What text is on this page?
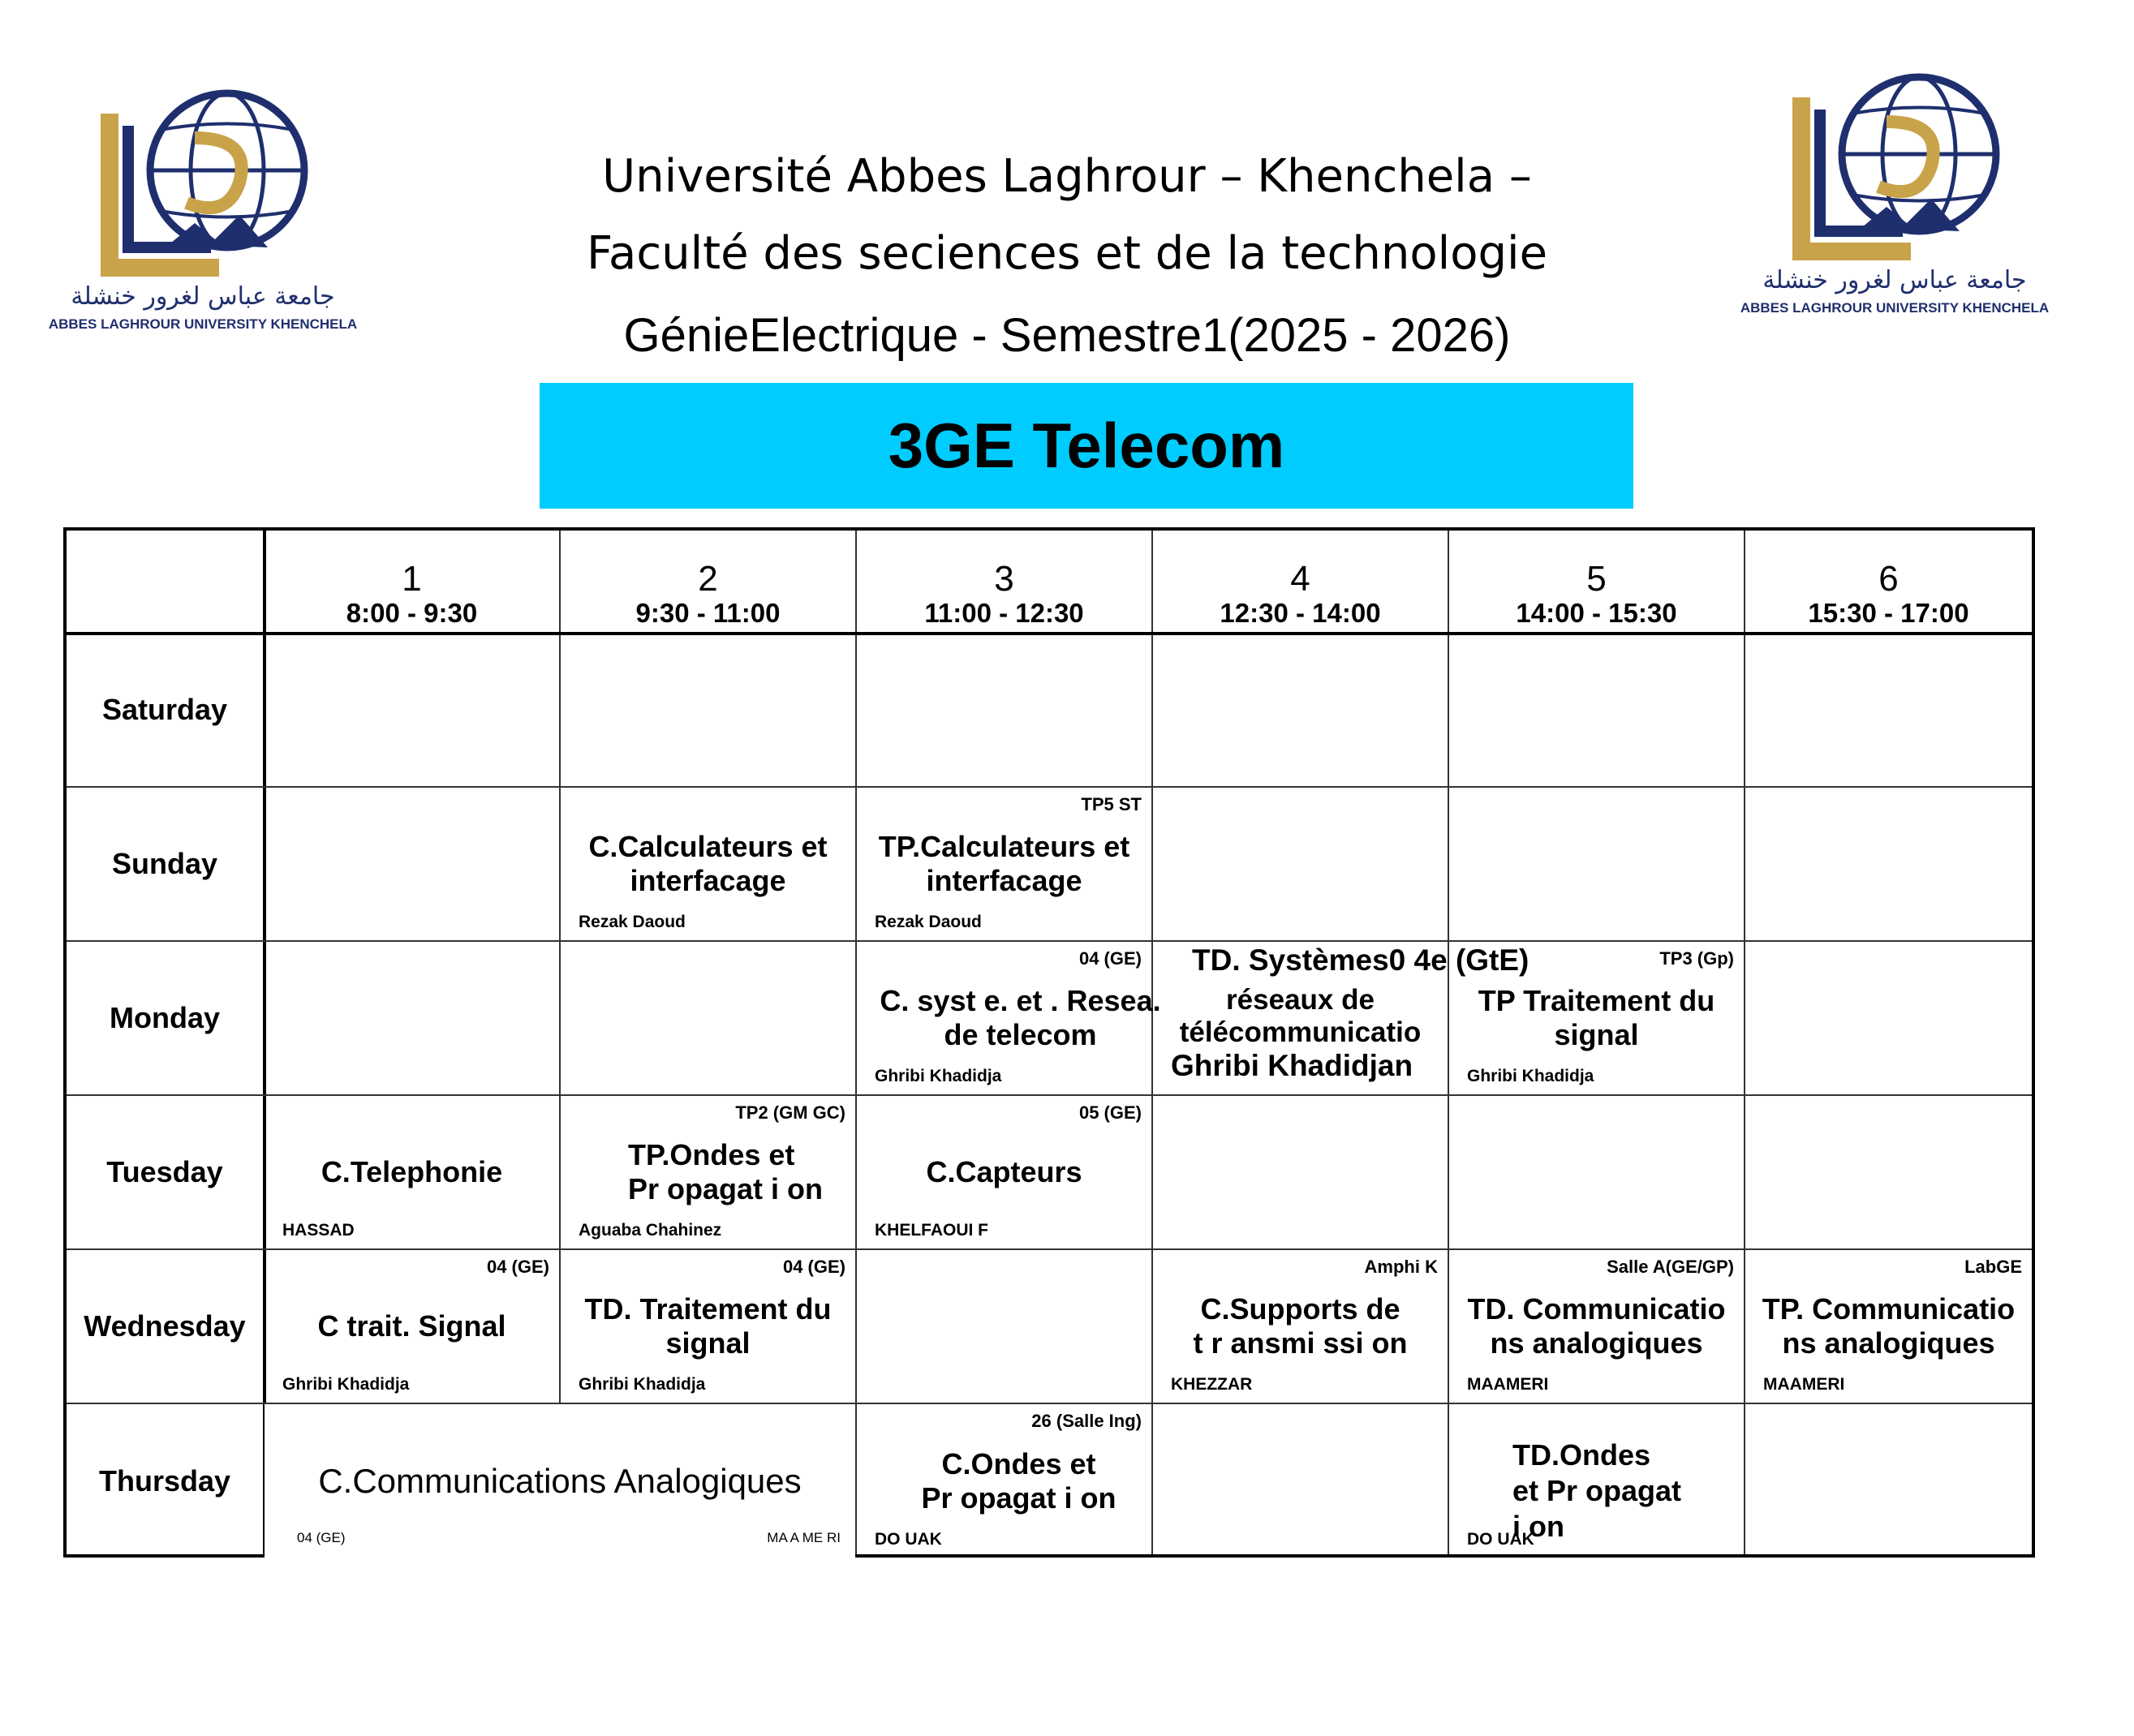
جامعة عباس لغرور خنشلة
ABBES LAGHROUR UNIVERSITY KHENCHELA
جامعة عباس لغرور خنشلة
ABBES LAGHROUR UNIVERSITY KHENCHELA
Université Abbes Laghrour – Khenchela –
Faculté des seciences et de la technologie
GénieElectrique - Semestre1(2025 - 2026)
3GE Telecom
1
8:00 - 9:30
2
9:30 - 11:00
3
11:00 - 12:30
4
12:30 - 14:00
5
14:00 - 15:30
6
15:30 - 17:00
Saturday
Sunday
Monday
Tuesday
Wednesday
Thursday
C.Calculateurs et
interfacage
Rezak Daoud
TP5 ST
TP.Calculateurs et
interfacage
Rezak Daoud
04 (GE)
C. syst e. et . Resea.
de telecom
Ghribi Khadidja
TD. Systèmes0 4e (GtE)
réseaux de
télécommunicatio
Ghribi Khadidjan
TP3 (Gp)
TP Traitement du
signal
Ghribi Khadidja
C.Telephonie
HASSAD
TP2 (GM GC)
TP.Ondes et
Pr opagat i on
Aguaba Chahinez
05 (GE)
C.Capteurs
KHELFAOUI F
04 (GE)
C trait. Signal
Ghribi Khadidja
04 (GE)
TD. Traitement du
signal
Ghribi Khadidja
Amphi K
C.Supports de
t r ansmi ssi on
KHEZZAR
Salle A(GE/GP)
TD. Communicatio
ns analogiques
MAAMERI
LabGE
TP. Communicatio
ns analogiques
MAAMERI
C.Communications Analogiques
04 (GE)	MA A ME RI
26 (Salle Ing)
C.Ondes et
Pr opagat i on
DO UAK
TD.Ondes
et Pr opagat
i on
DO UAK
